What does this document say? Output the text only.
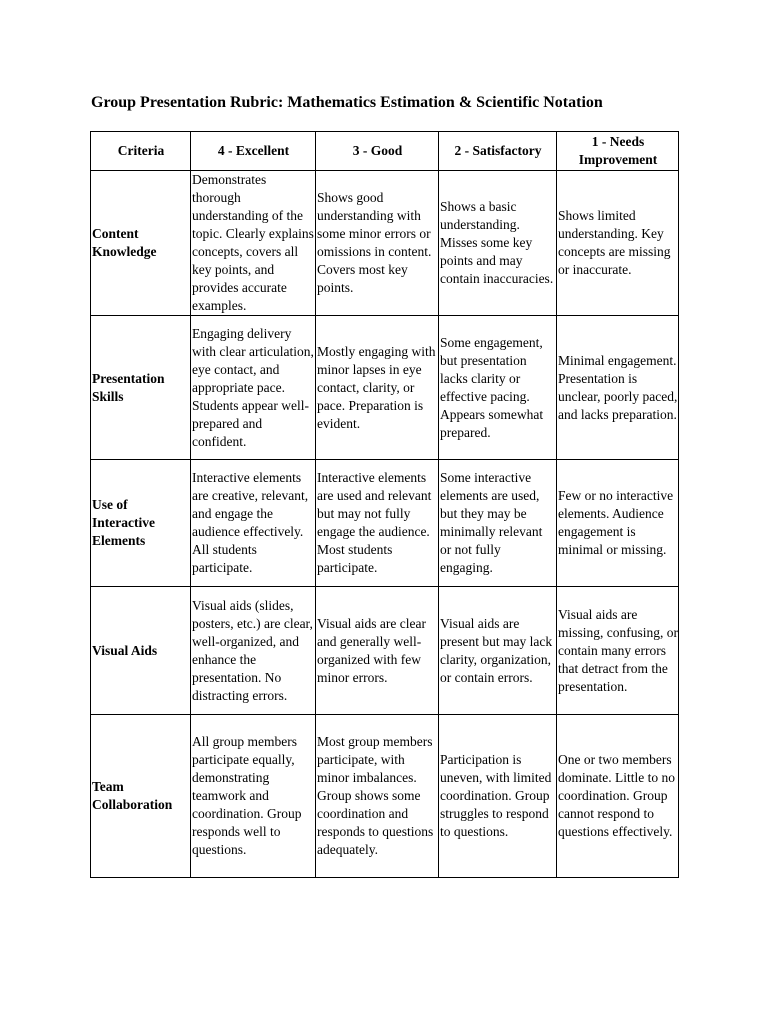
Group Presentation Rubric: Mathematics Estimation & Scientific Notation
Criteria	4 - Excellent	3 - Good	2 - Satisfactory	1 - Needs Improvement
Content Knowledge	Demonstrates thorough understanding of the topic. Clearly explains concepts, covers all key points, and provides accurate examples.	Shows good understanding with some minor errors or omissions in content. Covers most key points.	Shows a basic understanding. Misses some key points and may contain inaccuracies.	Shows limited understanding. Key concepts are missing or inaccurate.
Presentation Skills	Engaging delivery with clear articulation, eye contact, and appropriate pace. Students appear well-prepared and confident.	Mostly engaging with minor lapses in eye contact, clarity, or pace. Preparation is evident.	Some engagement, but presentation lacks clarity or effective pacing. Appears somewhat prepared.	Minimal engagement. Presentation is unclear, poorly paced, and lacks preparation.
Use of Interactive Elements	Interactive elements are creative, relevant, and engage the audience effectively. All students participate.	Interactive elements are used and relevant but may not fully engage the audience. Most students participate.	Some interactive elements are used, but they may be minimally relevant or not fully engaging.	Few or no interactive elements. Audience engagement is minimal or missing.
Visual Aids	Visual aids (slides, posters, etc.) are clear, well-organized, and enhance the presentation. No distracting errors.	Visual aids are clear and generally well-organized with few minor errors.	Visual aids are present but may lack clarity, organization, or contain errors.	Visual aids are missing, confusing, or contain many errors that detract from the presentation.
Team Collaboration	All group members participate equally, demonstrating teamwork and coordination. Group responds well to questions.	Most group members participate, with minor imbalances. Group shows some coordination and responds to questions adequately.	Participation is uneven, with limited coordination. Group struggles to respond to questions.	One or two members dominate. Little to no coordination. Group cannot respond to questions effectively.
